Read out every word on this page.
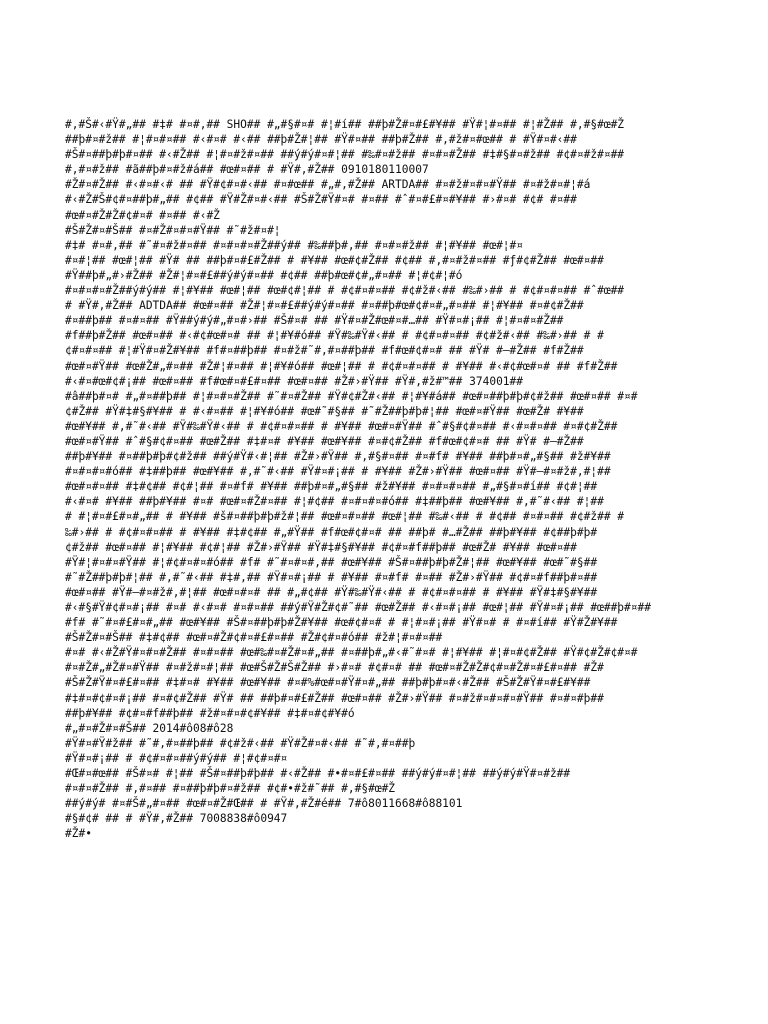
#,#Š#‹#Ÿ#„## #‡# #¤#,## SHO## #„#§#¤# #¦#í## ##þ#Ž#¤#£#¥## #Ÿ#¦#¤## #¦#Ž## #,#§#œ#Ž
##þ#¤#ž## #¦#¤#¤## #‹#¤# #‹## ##þ#Ž#¦## #Ÿ#¤## ##þ#Ž## #,#ž#¤#œ## # #Ÿ#¤#‹##
#Š#¤##þ#þ#¤## #‹#Ž## #¦#¤#ž#¤## ##ý#ý#¤#¦## #‰#¤#ž## #¤#¤#Ž## #‡#§#¤#ž## #¢#¤#ž#¤##
#,#¤#ž## #ã##þ#¤#ž#á## #œ#¤## # #Ÿ#,#Ž## 0910180110007
#Ž#¤#Ž## #‹#¤#‹# ## #Ÿ#¢#¤#‹## #¤#œ## #„#,#Ž## ARTDA## #¤#ž#¤#¤#Ÿ## #¤#ž#¤#¦#á
#‹#Ž#Š#¢#¤##þ#„## #¢## #Ÿ#Ž#¤#‹## #Š#Ž#Ÿ#¤# #¤## #ˆ#¤#£#¤#¥## #›#¤# #¢# #¤##
#œ#¤#Ž#Ž#¢#¤# #¤## #‹#Ž
#Š#Ž#¤#Š## #¤#Ž#¤#¤#Ÿ## #˜#ž#¤#¦
#‡# #¤#,## #˜#¤#ž#¤## #¤#¤#¤#Ž##ý## #‰##þ#,## #¤#¤#ž## #¦#¥## #œ#¦#¤
#¤#¦## #œ#¦## #Ÿ# ## ##þ#¤#£#Ž## # #¥## #œ#¢#Ž## #¢## #,#¤#ž#¤## #ƒ#¢#Ž## #œ#¤##
#Ÿ##þ#„#›#Ž## #Ž#¦#¤#£##ý#ý#¤## #¢## ##þ#œ#¢#„#¤## #¦#¢#¦#ó
#¤#¤#¤#Ž##ý#ý## #¦#¥## #œ#¦## #œ#¢#¦## # #¢#¤#¤## #¢#ž#‹## #‰#›## # #¢#¤#¤## #ˆ#œ##
# #Ÿ#,#Ž## ADTDA## #œ#¤## #Ž#¦#¤#£##ý#ý#¤## #¤##þ#œ#¢#¤#„#¤## #¦#¥## #¤#¢#Ž##
#¤##þ## #¤#¤## #Ÿ##ý#ý#„#¤#›## #Š#¤# ## #Ÿ#¤#Ž#œ#¤#…## #Ÿ#¤#¡## #¦#¤#¤#Ž##
#f##þ#Ž## #œ#¤## #‹#¢#œ#¤# ## #¦#¥#ó## #Ÿ#‰#Ÿ#‹## # #¢#¤#¤## #¢#ž#‹## #‰#›## # #
¢#¤#¤## #¦#Ÿ#¤#Ž#¥## #f#¤##þ## #¤#ž#˜#,#¤##þ## #f#œ#¢#¤# ## #Ÿ# #–#Ž## #f#Ž##
#œ#¤#Ÿ## #œ#Ž#„#¤## #Ž#¦#¤## #¦#¥#ó## #œ#¦## # #¢#¤#¤## # #¥## #‹#¢#œ#¤# ## #f#Ž##
#‹#¤#œ#¢#¡## #œ#¤## #f#œ#¤#£#¤## #œ#¤## #Ž#›#Ÿ## #Ÿ#,#ž#™## 374001##
#â##þ#¤# #„#¤##þ## #¦#¤#¤#Ž## #˜#¤#Ž## #Ÿ#¢#Ž#‹## #¦#¥#á## #œ#¤##þ#þ#¢#ž## #œ#¤## #¤#
¢#Ž## #Ÿ#‡#§#¥## # #‹#¤## #¦#¥#ó## #œ#˜#§## #˜#Ž##þ#þ#¦## #œ#¤#Ÿ## #œ#Ž# #¥##
#œ#¥## #,#˜#‹## #Ÿ#‰#Ÿ#‹## # #¢#¤#¤## # #¥## #œ#¤#Ÿ## #ˆ#§#¢#¤## #‹#¤#¤## #¤#¢#Ž##
#œ#¤#Ÿ## #ˆ#§#¢#¤## #œ#Ž## #‡#¤# #¥## #œ#¥## #¤#¢#Ž## #f#œ#¢#¤# ## #Ÿ# #–#Ž##
##þ#¥## #¤##þ#þ#¢#ž## ##ý#Ÿ#‹#¦## #Ž#›#Ÿ## #,#§#¤## #¤#f# #¥## ##þ#¤#„#§## #ž#¥##
#¤#¤#¤#ó## #‡##þ## #œ#¥## #,#˜#‹## #Ÿ#¤#¡## # #¥## #Ž#›#Ÿ## #œ#¤## #Ÿ#–#¤#ž#,#¦##
#œ#¤#¤## #‡#¢## #¢#¦## #¤#f# #¥## ##þ#¤#„#§## #ž#¥## #¤#¤#¤## #„#§#¤#í## #¢#¦##
#‹#¤# #¥## ##þ#¥## #¤# #œ#¤#Ž#¤## #¦#¢## #¤#¤#¤#ó## #‡##þ## #œ#¥## #,#˜#‹## #¦##
# #¦#¤#£#¤#„## # #¥## #š#¤##þ#þ#ž#¦## #œ#¤#¤## #œ#¦## #‰#‹## # #¢## #¤#¤## #¢#ž## #
‰#›## # #¢#¤#¤## # #¥## #‡#¢## #„#Ÿ## #f#œ#¢#¤# ## ##þ# #…#Ž## ##þ#¥## #¢##þ#þ#
¢#ž## #œ#¤## #¦#¥## #¢#¦## #Ž#›#Ÿ## #Ÿ#‡#§#¥## #¢#¤#f##þ## #œ#Ž# #¥## #œ#¤##
#Ÿ#¦#¤#¤#Ÿ## #¦#¢#¤#¤#ó## #f# #˜#¤#¤#,## #œ#¥## #Š#¤##þ#þ#Ž#¦## #œ#¥## #œ#˜#§##
#˜#Ž##þ#þ#¦## #,#˜#‹## #‡#,## #Ÿ#¤#¡## # #¥## #¤#f# #¤## #Ž#›#Ÿ## #¢#¤#f##þ#¤##
#œ#¤## #Ÿ#–#¤#ž#,#¦## #œ#¤#¤# ## #„#¢## #Ÿ#‰#Ÿ#‹## # #¢#¤#¤## # #¥## #Ÿ#‡#§#¥##
#‹#§#Ÿ#¢#¤#¡## #¤# #‹#¤# #¤#¤## ##ý#Ÿ#Ž#¢#˜## #œ#Ž## #‹#¤#¡## #œ#¦## #Ÿ#¤#¡## #œ##þ#¤##
#f# #˜#¤#£#¤#„## #œ#¥## #Š#¤##þ#þ#Ž#¥## #œ#¢#¤# # #¦#¤#¡## #Ÿ#¤# # #¤#í## #Ÿ#Ž#¥##
#Š#Ž#¤#Š## #‡#¢## #œ#¤#Ž#¢#¤#£#¤## #Ž#¢#¤#ó## #ž#¦#¤#¤##
#¤# #‹#Ž#Ÿ#¤#¤#Ž## #¤#¤## #œ#‰#¤#Ž#¤#„## #¤##þ#„#‹#˜#¤# #¦#¥## #¦#¤#¢#Ž## #Ÿ#¢#Ž#¢#¤#
#¤#Ž#„#Ž#¤#Ÿ## #¤#ž#¤#¦## #œ#Š#Ž#Š#Ž## #›#¤# #¢#¤# ## #œ#¤#Ž#Ž#¢#¤#Ž#¤#£#¤## #Ž#
#Š#Ž#Ÿ#¤#£#¤## #‡#¤# #¥## #œ#¥## #¤#%#œ#¤#Ÿ#¤#„## ##þ#þ#¤#‹#Ž## #Š#Ž#Ÿ#¤#£#¥##
#‡#¤#¢#¤#¡## #¤#¢#Ž## #Ÿ# ## ##þ#¤#£#Ž## #œ#¤## #Ž#›#Ÿ## #¤#ž#¤#¤#¤#Ÿ## #¤#¤#þ##
##þ#¥## #¢#¤#f##þ## #ž#¤#¤#¢#¥## #‡#¤#¢#¥#ó
#„#¤#Ž#¤#Š## 2014#ô08#ô28
#Ÿ#¤#Ÿ#ž## #˜#,#¤##þ## #¢#ž#‹## #Ÿ#Ž#¤#‹## #˜#,#¤##þ
#Ÿ#¤#¡## # #¢#¤#¤##ý#ý## #¦#¢#¤#¤
#Œ#¤#œ## #Š#¤# #¦## #Š#¤##þ#þ## #‹#Ž## #•#¤#£#¤## ##ý#ý#¤#¦## ##ý#ý#Ÿ#¤#ž##
#¤#¤#Ž## #,#¤## #¤##þ#þ#¤#ž## #¢#•#ž#˜## #,#§#œ#Ž
##ý#ý# #¤#Š#„#¤## #œ#¤#Ž#Œ## # #Ÿ#,#Ž#é## 7#ô8011668#ô88101
#§#¢# ## # #Ÿ#,#Ž## 7008838#ô0947
#Ž#•
